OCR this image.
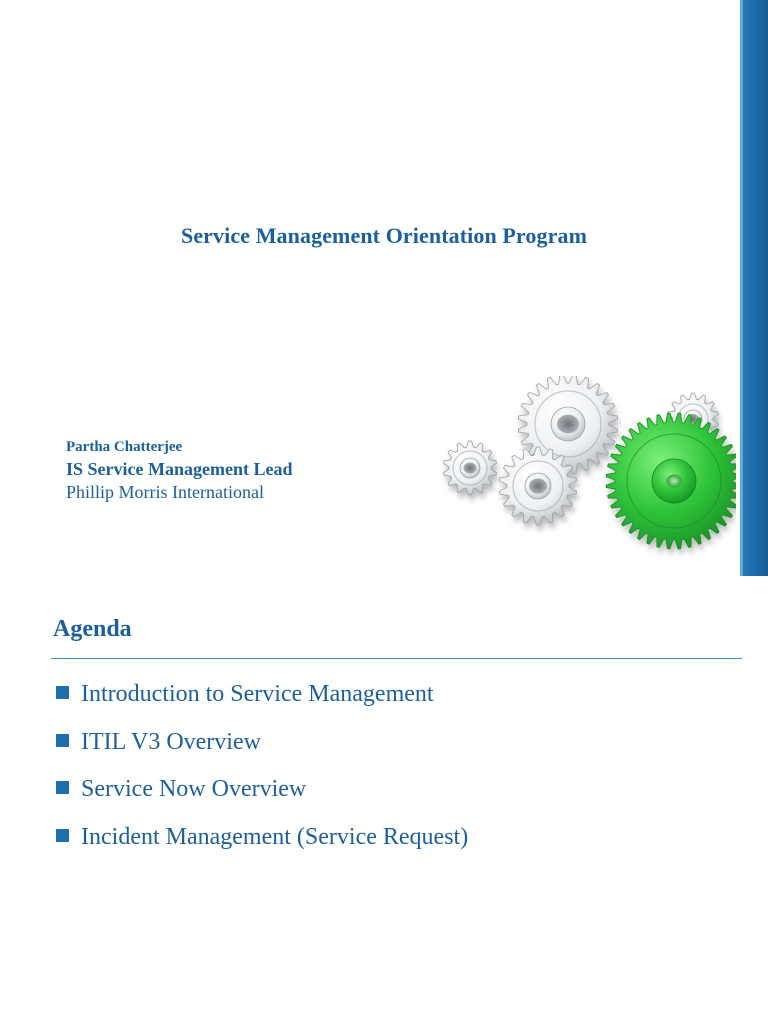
Service Management Orientation Program

Partha Chatterjee

IS Service Management Lead

Phillip Morris International

Agenda
Introduction to Service Management
ITIL V3 Overview
Service Now Overview
Incident Management (Service Request)
